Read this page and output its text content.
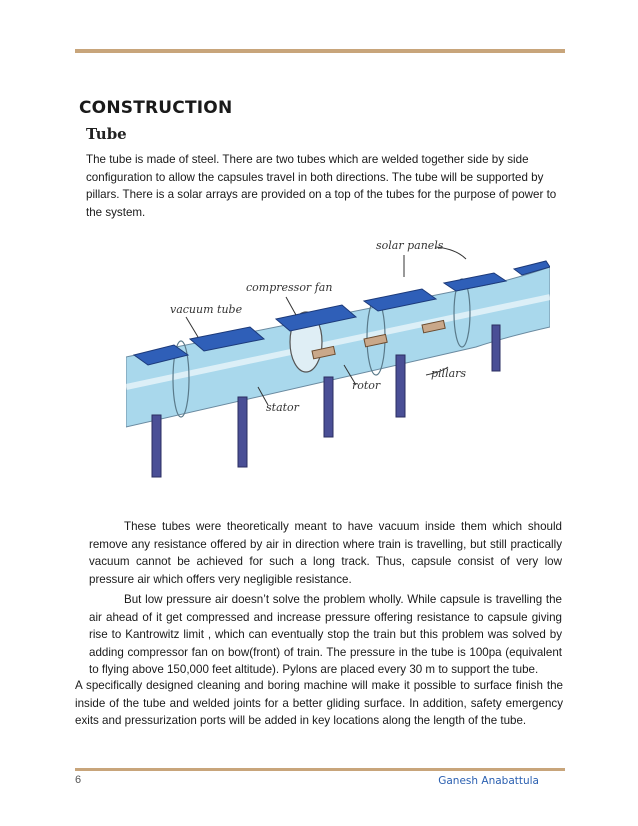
CONSTRUCTION
Tube

The tube is made of steel. There are two tubes which are welded together side by side configuration to allow the capsules travel in both directions. The tube will be supported by pillars. There is a solar arrays are provided on a top of the tubes for the purpose of power to the system.

solar panels
compressor fan
vacuum tube
pillars
rotor
stator

These tubes were theoretically meant to have vacuum inside them which should remove any resistance offered by air in direction where train is travelling, but still practically vacuum cannot be achieved for such a long track. Thus, capsule consist of very low pressure air which offers very negligible resistance.

But low pressure air doesn’t solve the problem wholly. While capsule is travelling the air ahead of it get compressed and increase pressure offering resistance to capsule giving rise to Kantrowitz limit , which can eventually stop the train but this problem was solved by adding compressor fan on bow(front) of train. The pressure in the tube is 100pa (equivalent to flying above 150,000 feet altitude). Pylons are placed every 30 m to support the tube.

A specifically designed cleaning and boring machine will make it possible to surface finish the inside of the tube and welded joints for a better gliding surface. In addition, safety emergency exits and pressurization ports will be added in key locations along the length of the tube.

6	Ganesh Anabattula
